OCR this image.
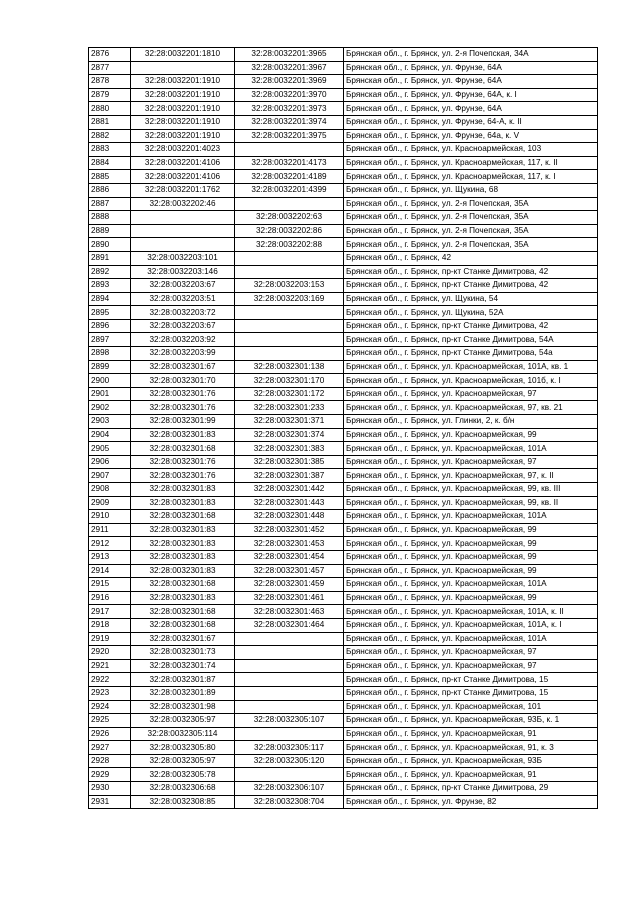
2876	32:28:0032201:1810	32:28:0032201:3965	Брянская обл., г. Брянск, ул. 2-я Почепская, 34А
2877		32:28:0032201:3967	Брянская обл., г. Брянск, ул. Фрунзе, 64А
2878	32:28:0032201:1910	32:28:0032201:3969	Брянская обл., г. Брянск, ул. Фрунзе, 64А
2879	32:28:0032201:1910	32:28:0032201:3970	Брянская обл., г. Брянск, ул. Фрунзе, 64А, к. I
2880	32:28:0032201:1910	32:28:0032201:3973	Брянская обл., г. Брянск, ул. Фрунзе, 64А
2881	32:28:0032201:1910	32:28:0032201:3974	Брянская обл., г. Брянск, ул. Фрунзе, 64-А, к. II
2882	32:28:0032201:1910	32:28:0032201:3975	Брянская обл., г. Брянск, ул. Фрунзе, 64а, к. V
2883	32:28:0032201:4023		Брянская обл., г. Брянск, ул. Красноармейская, 103
2884	32:28:0032201:4106	32:28:0032201:4173	Брянская обл., г. Брянск, ул. Красноармейская, 117, к. II
2885	32:28:0032201:4106	32:28:0032201:4189	Брянская обл., г. Брянск, ул. Красноармейская, 117, к. I
2886	32:28:0032201:1762	32:28:0032201:4399	Брянская обл., г. Брянск, ул. Щукина, 68
2887	32:28:0032202:46		Брянская обл., г. Брянск, ул. 2-я Почепская, 35А
2888		32:28:0032202:63	Брянская обл., г. Брянск, ул. 2-я Почепская, 35А
2889		32:28:0032202:86	Брянская обл., г. Брянск, ул. 2-я Почепская, 35А
2890		32:28:0032202:88	Брянская обл., г. Брянск, ул. 2-я Почепская, 35А
2891	32:28:0032203:101		Брянская обл., г. Брянск, 42
2892	32:28:0032203:146		Брянская обл., г. Брянск, пр-кт Станке Димитрова, 42
2893	32:28:0032203:67	32:28:0032203:153	Брянская обл., г. Брянск, пр-кт Станке Димитрова, 42
2894	32:28:0032203:51	32:28:0032203:169	Брянская обл., г. Брянск, ул. Щукина, 54
2895	32:28:0032203:72		Брянская обл., г. Брянск, ул. Щукина, 52А
2896	32:28:0032203:67		Брянская обл., г. Брянск, пр-кт Станке Димитрова, 42
2897	32:28:0032203:92		Брянская обл., г. Брянск, пр-кт Станке Димитрова, 54А
2898	32:28:0032203:99		Брянская обл., г. Брянск, пр-кт Станке Димитрова, 54а
2899	32:28:0032301:67	32:28:0032301:138	Брянская обл., г. Брянск, ул. Красноармейская, 101А, кв. 1
2900	32:28:0032301:70	32:28:0032301:170	Брянская обл., г. Брянск, ул. Красноармейская, 101б, к. I
2901	32:28:0032301:76	32:28:0032301:172	Брянская обл., г. Брянск, ул. Красноармейская, 97
2902	32:28:0032301:76	32:28:0032301:233	Брянская обл., г. Брянск, ул. Красноармейская, 97, кв. 21
2903	32:28:0032301:99	32:28:0032301:371	Брянская обл., г. Брянск, ул. Глинки, 2, к. б/н
2904	32:28:0032301:83	32:28:0032301:374	Брянская обл., г. Брянск, ул. Красноармейская, 99
2905	32:28:0032301:68	32:28:0032301:383	Брянская обл., г. Брянск, ул. Красноармейская, 101А
2906	32:28:0032301:76	32:28:0032301:385	Брянская обл., г. Брянск, ул. Красноармейская, 97
2907	32:28:0032301:76	32:28:0032301:387	Брянская обл., г. Брянск, ул. Красноармейская, 97, к. II
2908	32:28:0032301:83	32:28:0032301:442	Брянская обл., г. Брянск, ул. Красноармейская, 99, кв. III
2909	32:28:0032301:83	32:28:0032301:443	Брянская обл., г. Брянск, ул. Красноармейская, 99, кв. II
2910	32:28:0032301:68	32:28:0032301:448	Брянская обл., г. Брянск, ул. Красноармейская, 101А
2911	32:28:0032301:83	32:28:0032301:452	Брянская обл., г. Брянск, ул. Красноармейская, 99
2912	32:28:0032301:83	32:28:0032301:453	Брянская обл., г. Брянск, ул. Красноармейская, 99
2913	32:28:0032301:83	32:28:0032301:454	Брянская обл., г. Брянск, ул. Красноармейская, 99
2914	32:28:0032301:83	32:28:0032301:457	Брянская обл., г. Брянск, ул. Красноармейская, 99
2915	32:28:0032301:68	32:28:0032301:459	Брянская обл., г. Брянск, ул. Красноармейская, 101А
2916	32:28:0032301:83	32:28:0032301:461	Брянская обл., г. Брянск, ул. Красноармейская, 99
2917	32:28:0032301:68	32:28:0032301:463	Брянская обл., г. Брянск, ул. Красноармейская, 101А, к. II
2918	32:28:0032301:68	32:28:0032301:464	Брянская обл., г. Брянск, ул. Красноармейская, 101А, к. I
2919	32:28:0032301:67		Брянская обл., г. Брянск, ул. Красноармейская, 101А
2920	32:28:0032301:73		Брянская обл., г. Брянск, ул. Красноармейская, 97
2921	32:28:0032301:74		Брянская обл., г. Брянск, ул. Красноармейская, 97
2922	32:28:0032301:87		Брянская обл., г. Брянск, пр-кт Станке Димитрова, 15
2923	32:28:0032301:89		Брянская обл., г. Брянск, пр-кт Станке Димитрова, 15
2924	32:28:0032301:98		Брянская обл., г. Брянск, ул. Красноармейская, 101
2925	32:28:0032305:97	32:28:0032305:107	Брянская обл., г. Брянск, ул. Красноармейская, 93Б, к. 1
2926	32:28:0032305:114		Брянская обл., г. Брянск, ул. Красноармейская, 91
2927	32:28:0032305:80	32:28:0032305:117	Брянская обл., г. Брянск, ул. Красноармейская, 91, к. 3
2928	32:28:0032305:97	32:28:0032305:120	Брянская обл., г. Брянск, ул. Красноармейская, 93Б
2929	32:28:0032305:78		Брянская обл., г. Брянск, ул. Красноармейская, 91
2930	32:28:0032306:68	32:28:0032306:107	Брянская обл., г. Брянск, пр-кт Станке Димитрова, 29
2931	32:28:0032308:85	32:28:0032308:704	Брянская обл., г. Брянск, ул. Фрунзе, 82
